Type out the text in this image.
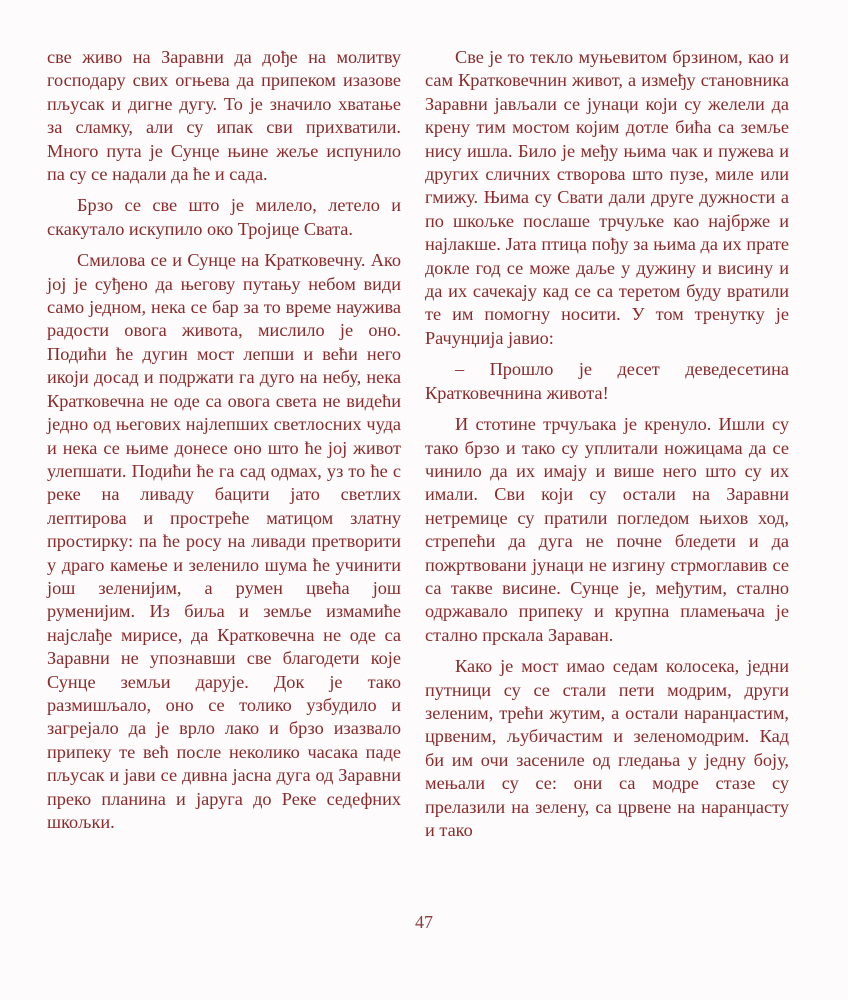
све живо на Заравни да дође на молитву господару свих огњева да припеком изазове пљусак и дигне дугу. То је значило хватање за сламку, али су ипак сви прихватили. Много пута је Сунце њине жеље испунило па су се надали да ће и сада.

Брзо се све што је милело, летело и скакутало искупило око Тројице Свата.

Смилова се и Сунце на Кратковечну. Ако јој је суђено да његову путању небом види само једном, нека се бар за то време наужива радости овога живота, мислило је оно. Подићи ће дугин мост лепши и већи него икоји досад и подржати га дуго на небу, нека Кратковечна не оде са овога света не видећи једно од његових најлепших светлосних чуда и нека се њиме донесе оно што ће јој живот улепшати. Подићи ће га сад одмах, уз то ће с реке на ливаду бацити јато светлих лептирова и прострећe матицом златну простирку: па ће росу на ливади претворити у драго камење и зеленило шума ће учинити још зеленијим, а румен цвећа још руменијим. Из биља и земље измамиће најслађе мирисе, да Кратковечна не оде са Заравни не упознавши све благодети које Сунце земљи дарује. Док је тако размишљало, оно се толико узбудило и загрејало да је врло лако и брзо изазвало припеку те већ после неколико часака паде пљусак и јави се дивна јасна дуга од Заравни преко планина и јаруга до Реке седефних шкољки.

Све је то текло муњевитом брзином, као и сам Кратковечнин живот, а између становника Заравни јављали се јунаци који су желели да крену тим мостом којим дотле бића са земље нису ишла. Било је међу њима чак и пужева и других сличних створова што пузе, миле или гмижу. Њима су Свати дали друге дужности а по шкољке послаше трчуљке као најбрже и најлакше. Јата птица пођу за њима да их прате докле год се може даље у дужину и висину и да их сачекају кад се са теретом буду вратили те им помогну носити. У том тренутку је Рачунџија јавио:

– Прошло је десет деведесетина Кратковечнина живота!

И стотине трчуљака је кренуло. Ишли су тако брзо и тако су уплитали ножицама да се чинило да их имају и више него што су их имали. Сви који су остали на Заравни нетремице су пратили погледом њихов ход, стрепећи да дуга не почне бледети и да пожртвовани јунаци не изгину стрмоглавив се са такве висине. Сунце је, међутим, стално одржавало припеку и крупна пламењача је стално прскала Зараван.

Како је мост имао седам колосека, једни путници су се стали пети модрим, други зеленим, трећи жутим, а остали наранџастим, црвеним, љубичастим и зеленомодрим. Кад би им очи засениле од гледања у једну боју, мењали су се: они са модре стазе су прелазили на зелену, са црвене на наранџасту и тако

47
